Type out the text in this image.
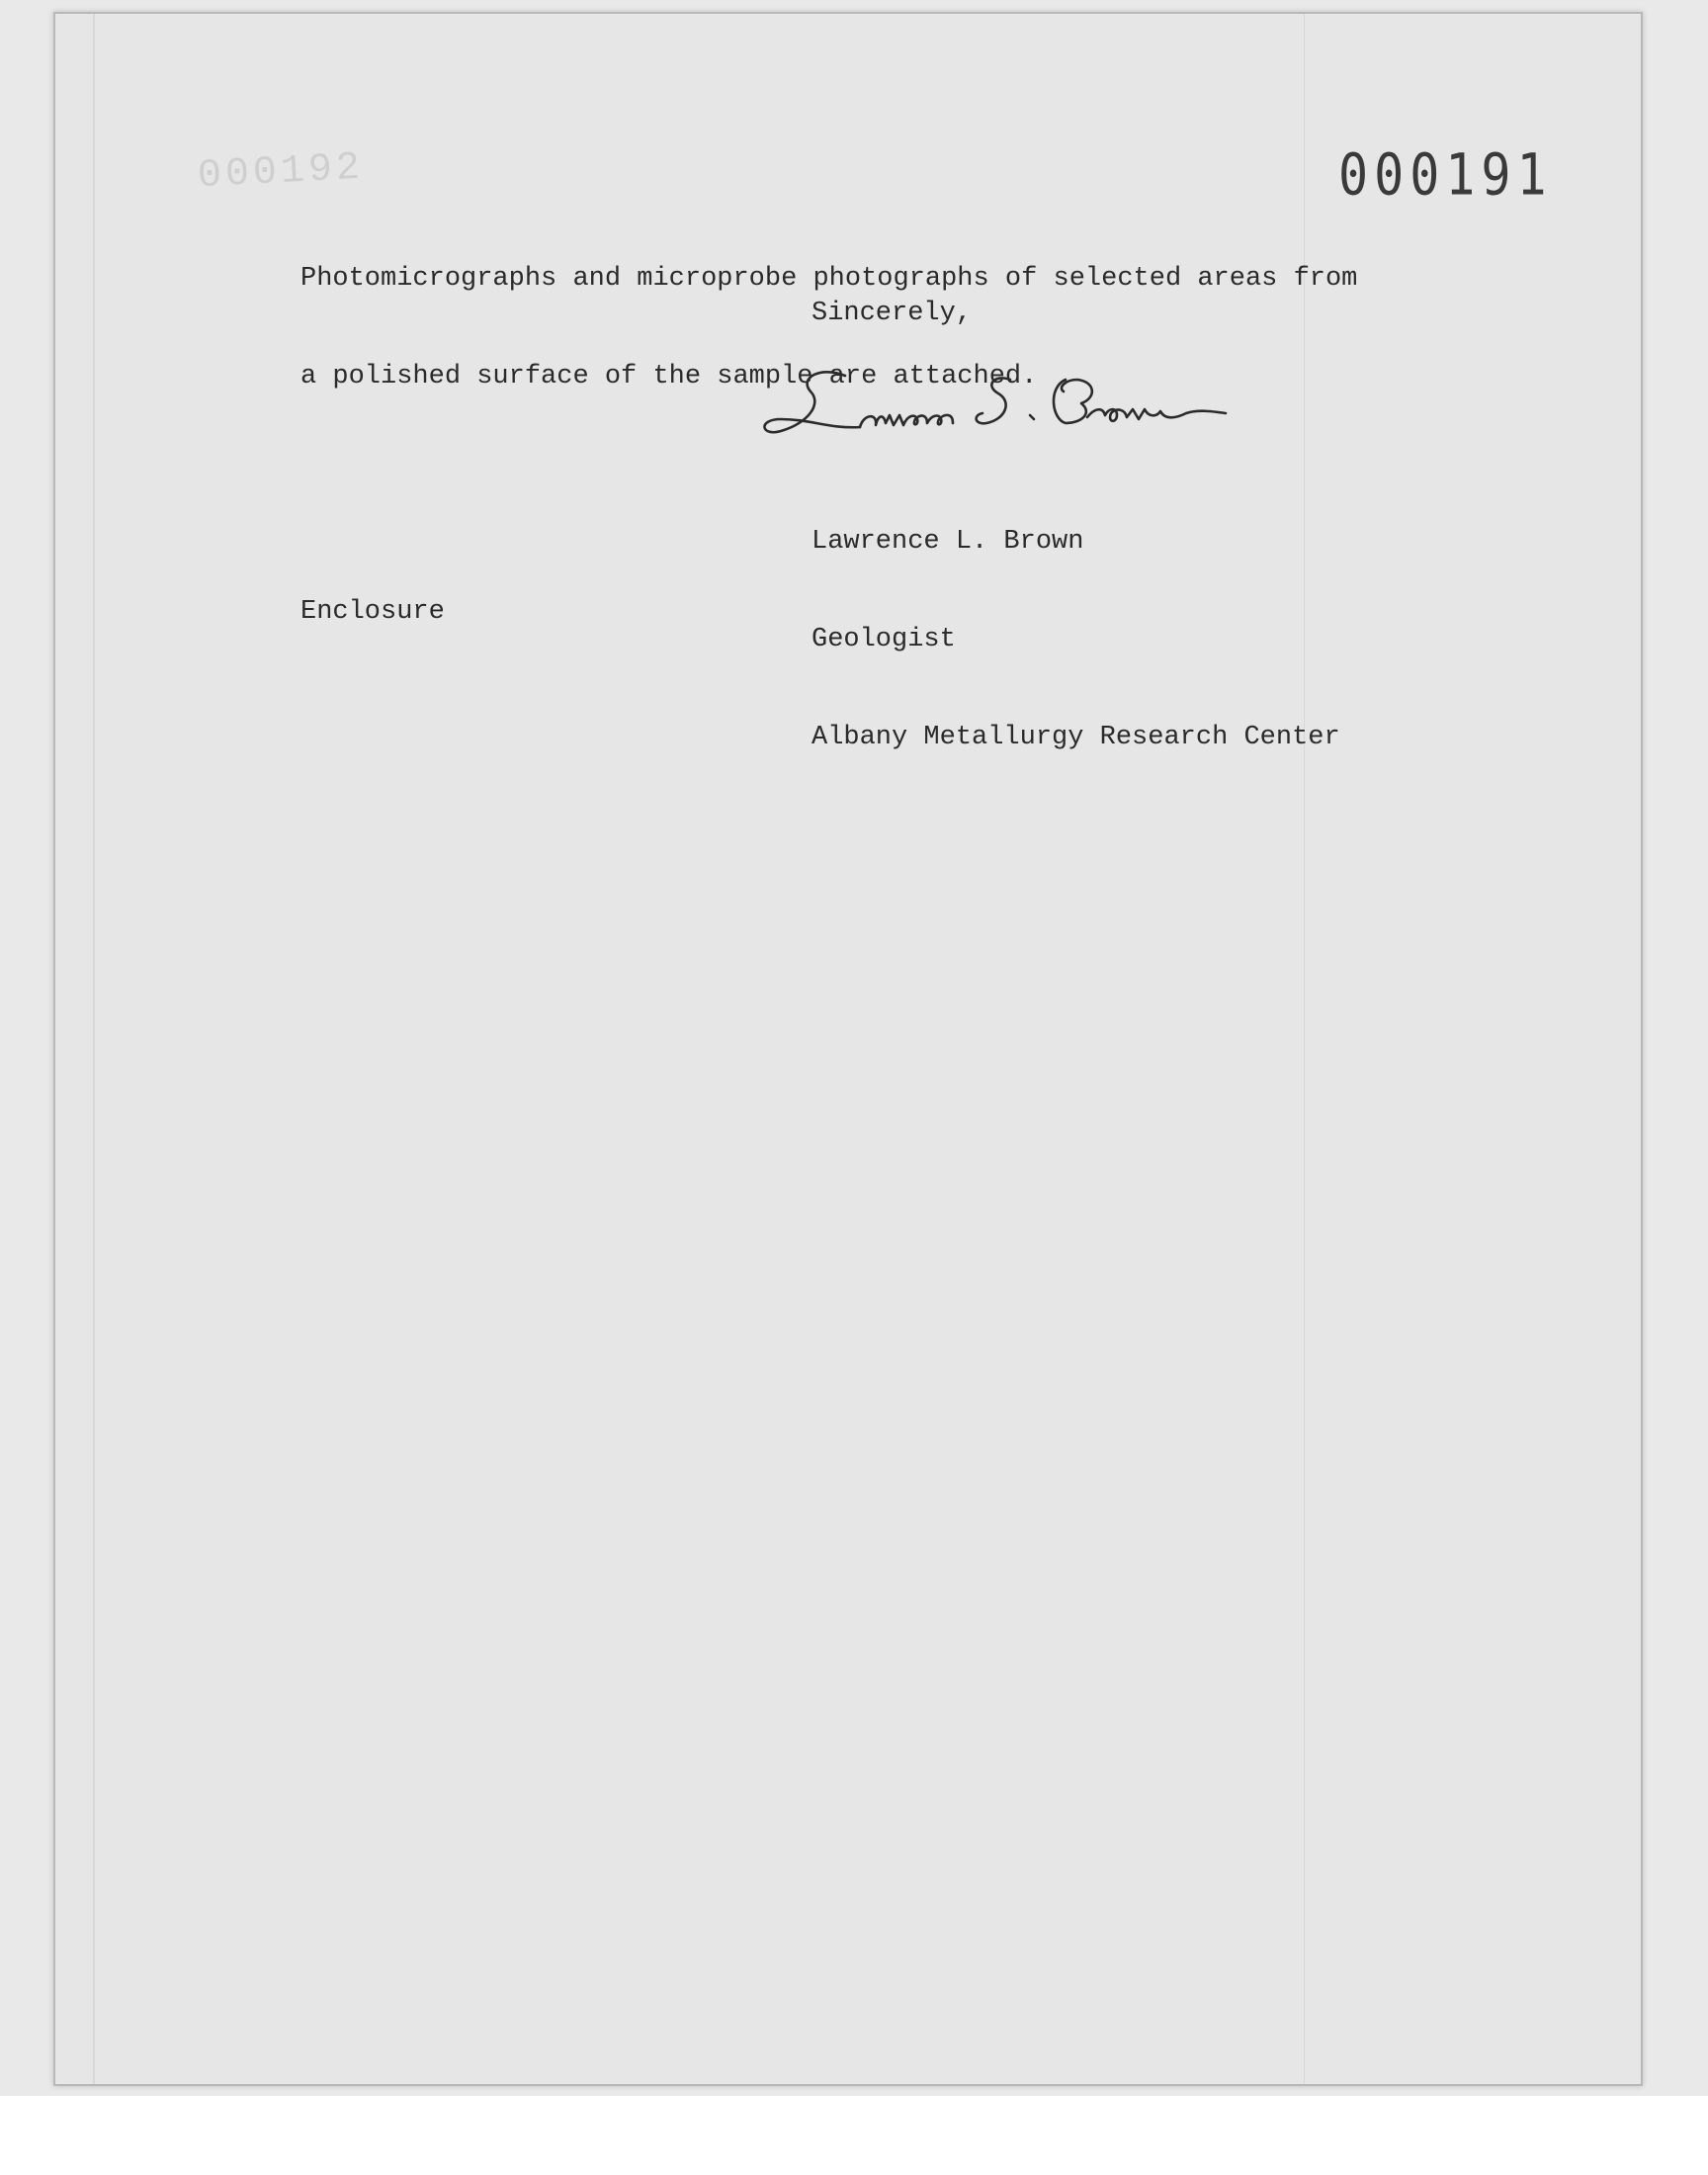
000192	000191

Photomicrographs and microprobe photographs of selected areas from

a polished surface of the sample are attached.

Sincerely,

Lawrence L. Brown

Geologist

Albany Metallurgy Research Center

Enclosure
